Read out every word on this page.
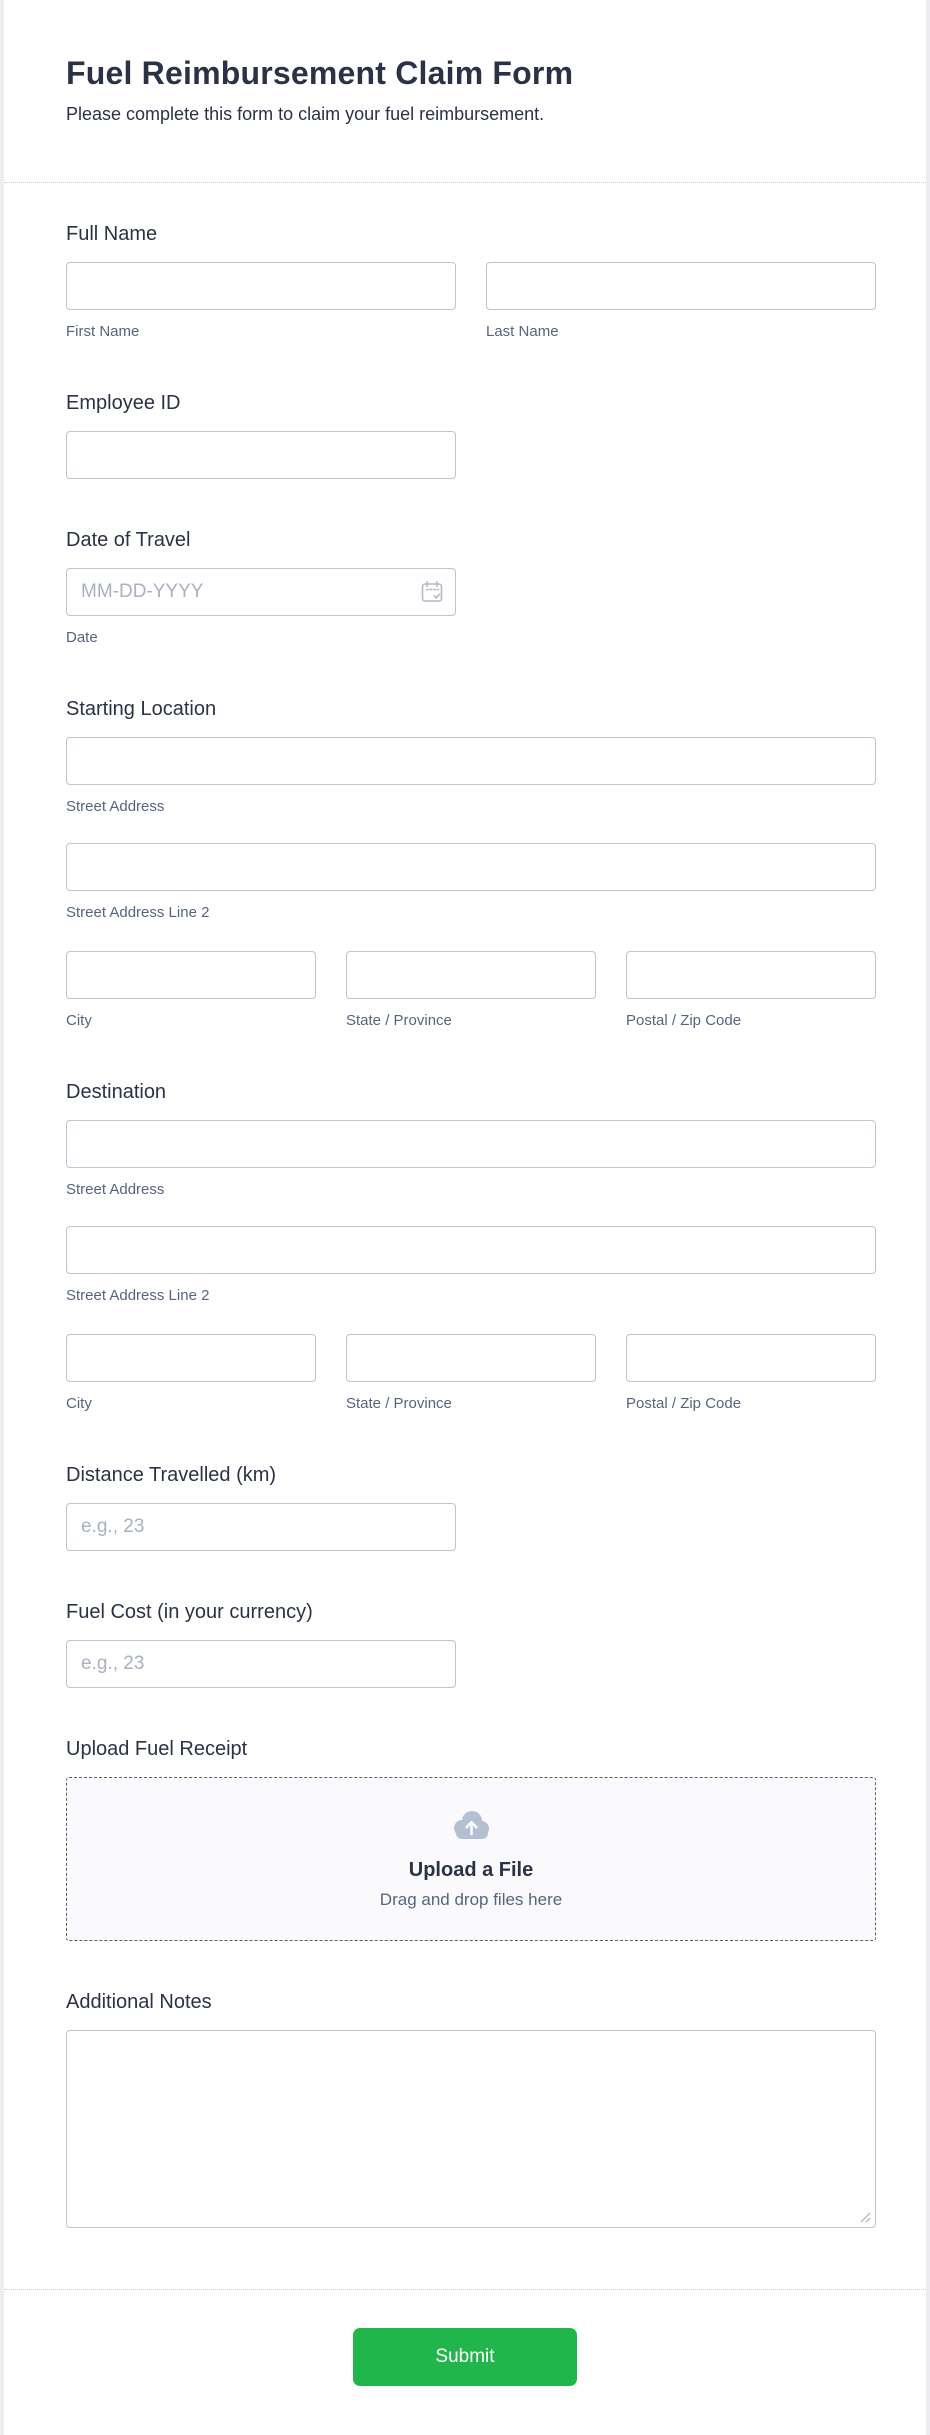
Fuel Reimbursement Claim Form
Please complete this form to claim your fuel reimbursement.
Full Name
First Name	Last Name
Employee ID
Date of Travel
MM-DD-YYYY
Date
Starting Location
Street Address
Street Address Line 2
City	State / Province	Postal / Zip Code
Destination
Street Address
Street Address Line 2
City	State / Province	Postal / Zip Code
Distance Travelled (km)
e.g., 23
Fuel Cost (in your currency)
e.g., 23
Upload Fuel Receipt
Upload a File
Drag and drop files here
Additional Notes
Submit
